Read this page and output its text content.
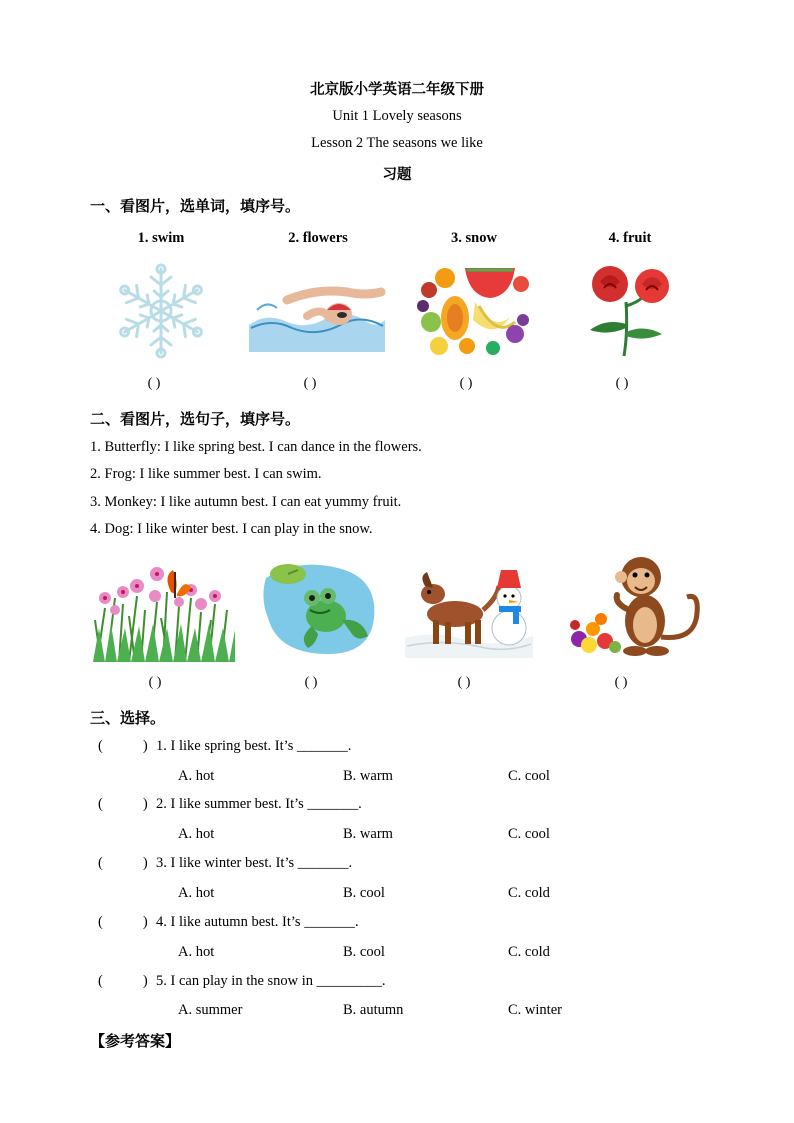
北京版小学英语二年级下册
Unit 1 Lovely seasons
Lesson 2 The seasons we like
习题
一、看图片，选单词，填序号。
1. swim	2. flowers	3. snow	4. fruit
( )	( )	( )	( )
二、看图片，选句子，填序号。
1. Butterfly: I like spring best. I can dance in the flowers.
2. Frog: I like summer best. I can swim.
3. Monkey: I like autumn best. I can eat yummy fruit.
4. Dog: I like winter best. I can play in the snow.
( )	( )	( )	( )
三、选择。
(	) 1. I like spring best. It’s _______.
A. hot	B. warm	C. cool
(	) 2. I like summer best. It’s _______.
A. hot	B. warm	C. cool
(	) 3. I like winter best. It’s _______.
A. hot	B. cool	C. cold
(	) 4. I like autumn best. It’s _______.
A. hot	B. cool	C. cold
(	) 5. I can play in the snow in _________.
A. summer	B. autumn	C. winter
【参考答案】
